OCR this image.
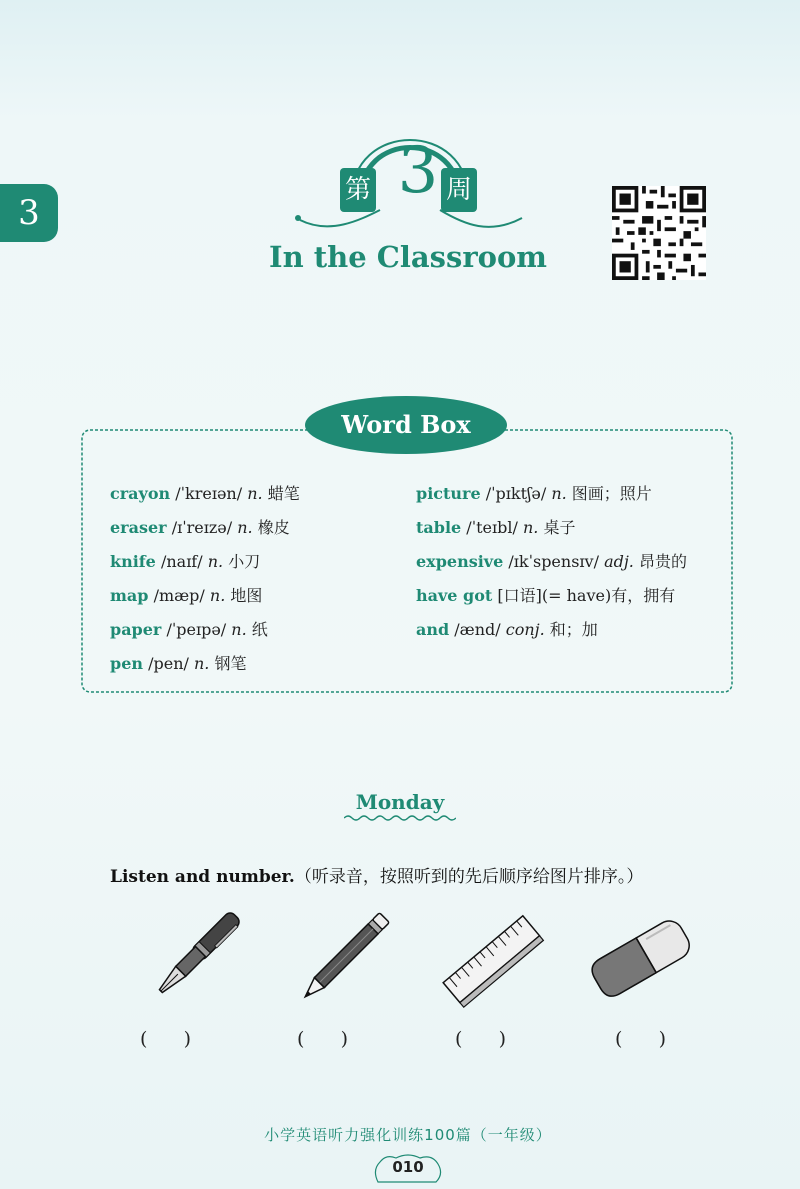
3
第 3 周
In the Classroom
Word Box
crayon /ˈkreɪən/ n. 蜡笔
eraser /ɪˈreɪzə/ n. 橡皮
knife /naɪf/ n. 小刀
map /mæp/ n. 地图
paper /ˈpeɪpə/ n. 纸
pen /pen/ n. 钢笔
picture /ˈpɪktʃə/ n. 图画；照片
table /ˈteɪbl/ n. 桌子
expensive /ɪkˈspensɪv/ adj. 昂贵的
have got [口语](= have)有，拥有
and /ænd/ conj. 和；加
Monday
Listen and number.（听录音，按照听到的先后顺序给图片排序。）
(      )	(      )	(      )	(      )
小学英语听力强化训练100篇（一年级）
010
